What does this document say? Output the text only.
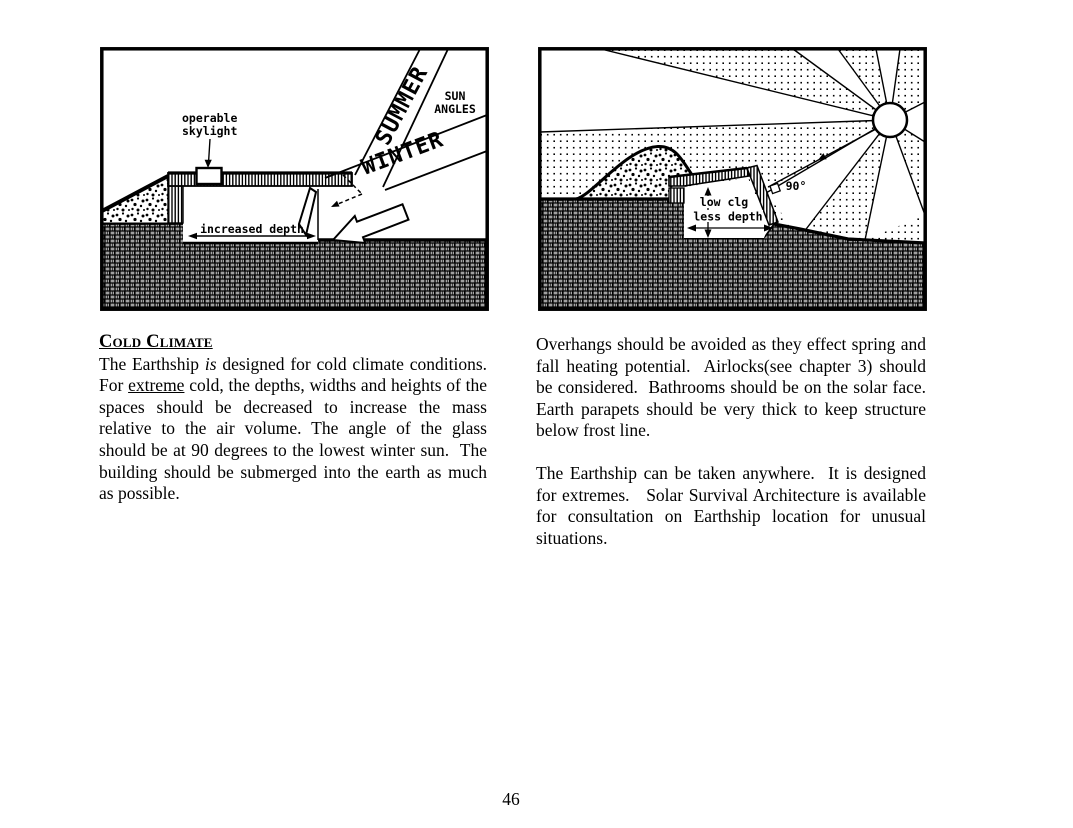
increased depth
operable
skylight	SUMMER
WINTER
SUN
ANGLES
90°
low clg
less depth
Cold Climate

The Earthship is designed for cold climate conditions.  For extreme cold, the depths, widths and heights of the spaces should be decreased to increase the mass relative to the air volume. The angle of the glass should be at 90 degrees to the lowest winter sun.  The building should be submerged into the earth as much as possible.

Overhangs should be avoided as they effect spring and fall heating potential.  Airlocks(see chapter 3) should be considered.  Bathrooms should be on the solar face.  Earth parapets should be very thick to keep structure below frost line.

The Earthship can be taken anywhere.  It is designed for extremes.   Solar Survival Architecture is available for consultation on Earthship location for unusual situations.

46
